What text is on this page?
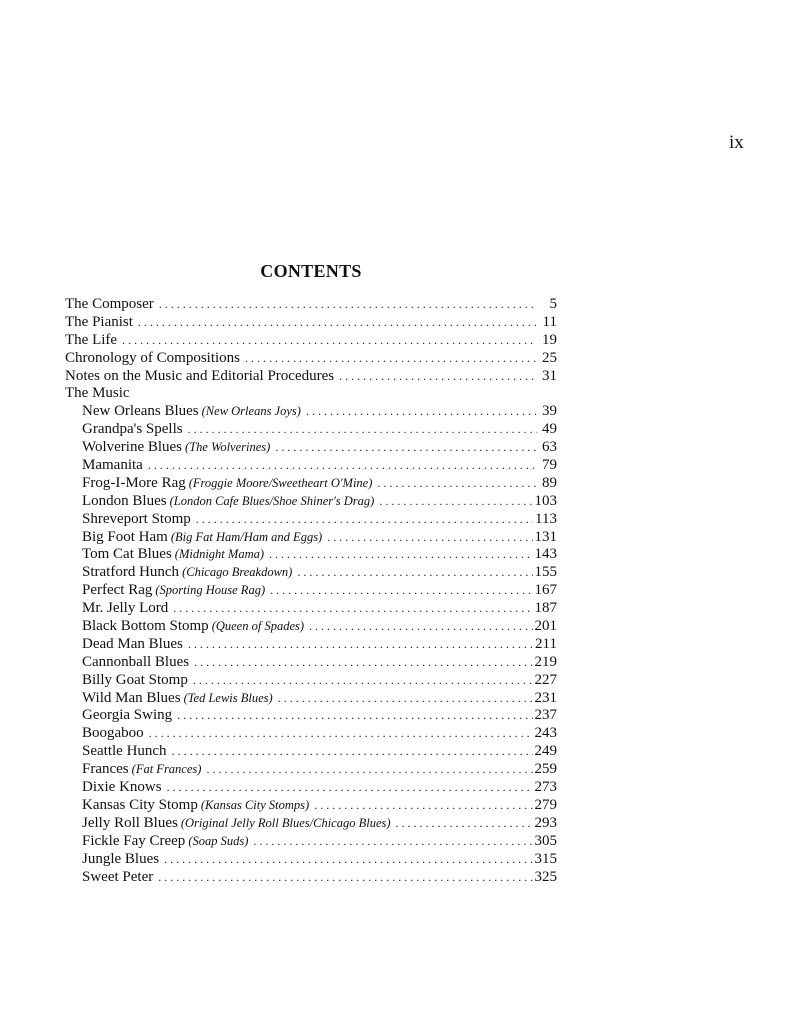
ix
CONTENTS
The Composer . . .	5
The Pianist . . .	11
The Life . . .	19
Chronology of Compositions . . .	25
Notes on the Music and Editorial Procedures . . .	31
The Music
New Orleans Blues (New Orleans Joys) . . .	39
Grandpa's Spells . . .	49
Wolverine Blues (The Wolverines) . . .	63
Mamanita . . .	79
Frog-I-More Rag (Froggie Moore/Sweetheart O'Mine) . . .	89
London Blues (London Cafe Blues/Shoe Shiner's Drag) . . .	103
Shreveport Stomp . . .	113
Big Foot Ham (Big Fat Ham/Ham and Eggs) . . .	131
Tom Cat Blues (Midnight Mama) . . .	143
Stratford Hunch (Chicago Breakdown) . . .	155
Perfect Rag (Sporting House Rag) . . .	167
Mr. Jelly Lord . . .	187
Black Bottom Stomp (Queen of Spades) . . .	201
Dead Man Blues . . .	211
Cannonball Blues . . .	219
Billy Goat Stomp . . .	227
Wild Man Blues (Ted Lewis Blues) . . .	231
Georgia Swing . . .	237
Boogaboo . . .	243
Seattle Hunch . . .	249
Frances (Fat Frances) . . .	259
Dixie Knows . . .	273
Kansas City Stomp (Kansas City Stomps) . . .	279
Jelly Roll Blues (Original Jelly Roll Blues/Chicago Blues) . . .	293
Fickle Fay Creep (Soap Suds) . . .	305
Jungle Blues . . .	315
Sweet Peter . . .	325
